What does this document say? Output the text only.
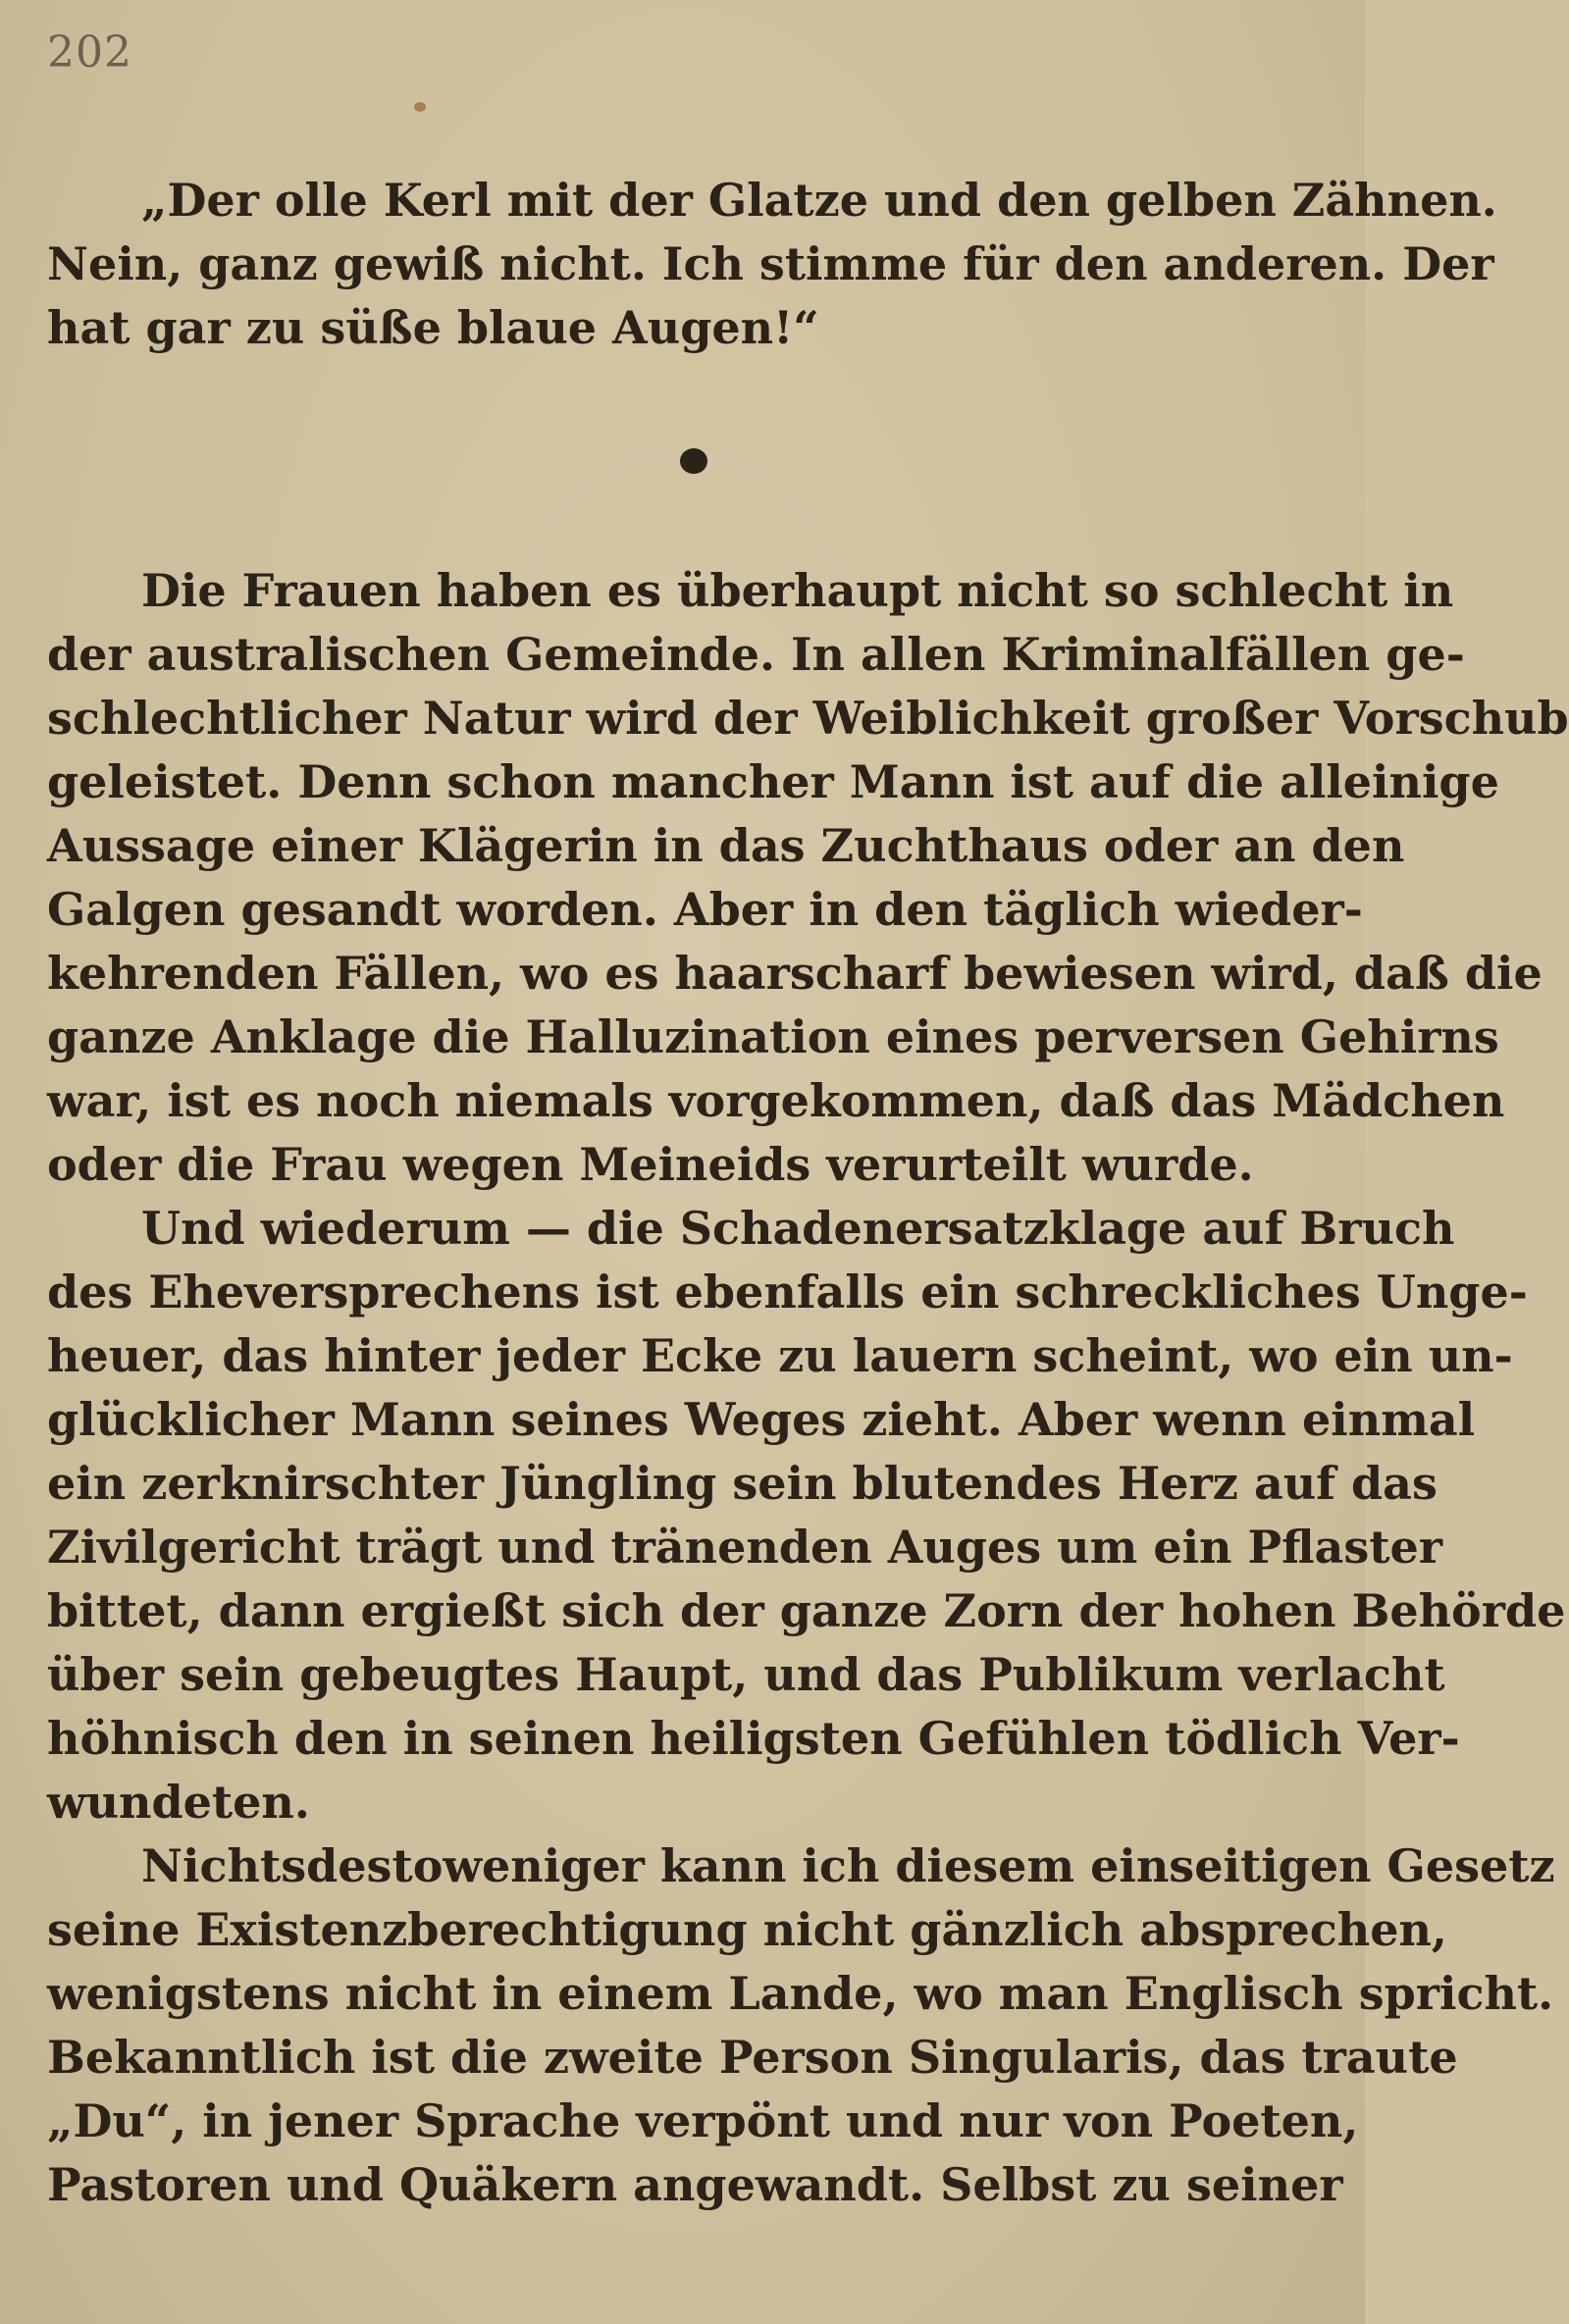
202
„Der olle Kerl mit der Glatze und den gelben Zähnen.
Nein, ganz gewiß nicht. Ich stimme für den anderen. Der
hat gar zu süße blaue Augen!“
Die Frauen haben es überhaupt nicht so schlecht in
der australischen Gemeinde. In allen Kriminalfällen ge-
schlechtlicher Natur wird der Weiblichkeit großer Vorschub
geleistet. Denn schon mancher Mann ist auf die alleinige
Aussage einer Klägerin in das Zuchthaus oder an den
Galgen gesandt worden. Aber in den täglich wieder-
kehrenden Fällen, wo es haarscharf bewiesen wird, daß die
ganze Anklage die Halluzination eines perversen Gehirns
war, ist es noch niemals vorgekommen, daß das Mädchen
oder die Frau wegen Meineids verurteilt wurde.
Und wiederum — die Schadenersatzklage auf Bruch
des Eheversprechens ist ebenfalls ein schreckliches Unge-
heuer, das hinter jeder Ecke zu lauern scheint, wo ein un-
glücklicher Mann seines Weges zieht. Aber wenn einmal
ein zerknirschter Jüngling sein blutendes Herz auf das
Zivilgericht trägt und tränenden Auges um ein Pflaster
bittet, dann ergießt sich der ganze Zorn der hohen Behörde
über sein gebeugtes Haupt, und das Publikum verlacht
höhnisch den in seinen heiligsten Gefühlen tödlich Ver-
wundeten.
Nichtsdestoweniger kann ich diesem einseitigen Gesetz
seine Existenzberechtigung nicht gänzlich absprechen,
wenigstens nicht in einem Lande, wo man Englisch spricht.
Bekanntlich ist die zweite Person Singularis, das traute
„Du“, in jener Sprache verpönt und nur von Poeten,
Pastoren und Quäkern angewandt. Selbst zu seiner
